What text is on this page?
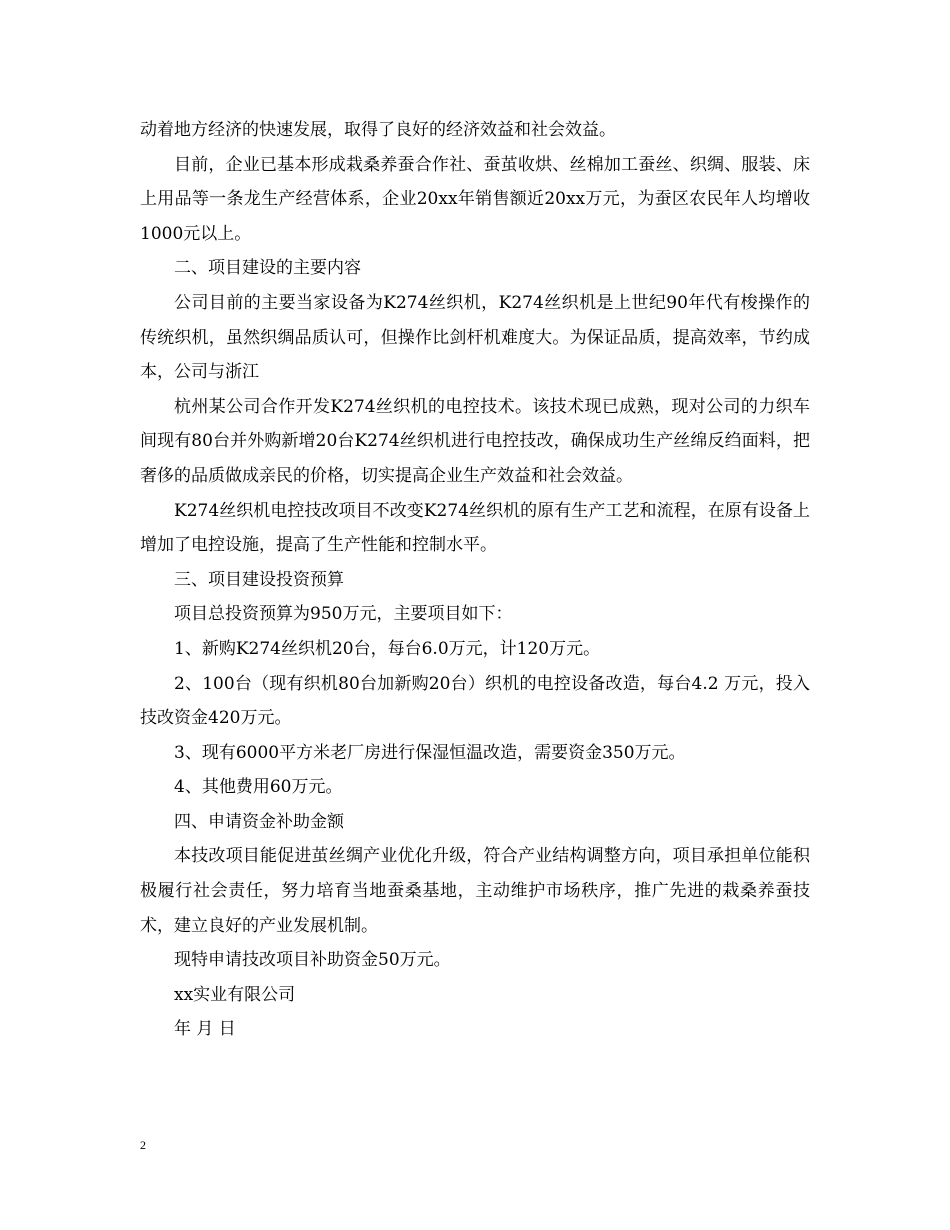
动着地方经济的快速发展，取得了良好的经济效益和社会效益。

目前，企业已基本形成栽桑养蚕合作社、蚕茧收烘、丝棉加工蚕丝、织绸、服装、床上用品等一条龙生产经营体系，企业20xx年销售额近20xx万元，为蚕区农民年人均增收1000元以上。

二、项目建设的主要内容

公司目前的主要当家设备为K274丝织机，K274丝织机是上世纪90年代有梭操作的传统织机，虽然织绸品质认可，但操作比剑杆机难度大。为保证品质，提高效率，节约成本，公司与浙江

杭州某公司合作开发K274丝织机的电控技术。该技术现已成熟，现对公司的力织车间现有80台并外购新增20台K274丝织机进行电控技改，确保成功生产丝绵反绉面料，把奢侈的品质做成亲民的价格，切实提高企业生产效益和社会效益。

K274丝织机电控技改项目不改变K274丝织机的原有生产工艺和流程，在原有设备上增加了电控设施，提高了生产性能和控制水平。

三、项目建设投资预算

项目总投资预算为950万元，主要项目如下：

1、新购K274丝织机20台，每台6.0万元，计120万元。

2、100台（现有织机80台加新购20台）织机的电控设备改造，每台4.2 万元，投入技改资金420万元。

3、现有6000平方米老厂房进行保湿恒温改造，需要资金350万元。

4、其他费用60万元。

四、申请资金补助金额

本技改项目能促进茧丝绸产业优化升级，符合产业结构调整方向，项目承担单位能积极履行社会责任，努力培育当地蚕桑基地，主动维护市场秩序，推广先进的栽桑养蚕技术，建立良好的产业发展机制。

现特申请技改项目补助资金50万元。

xx实业有限公司

年 月 日

2
